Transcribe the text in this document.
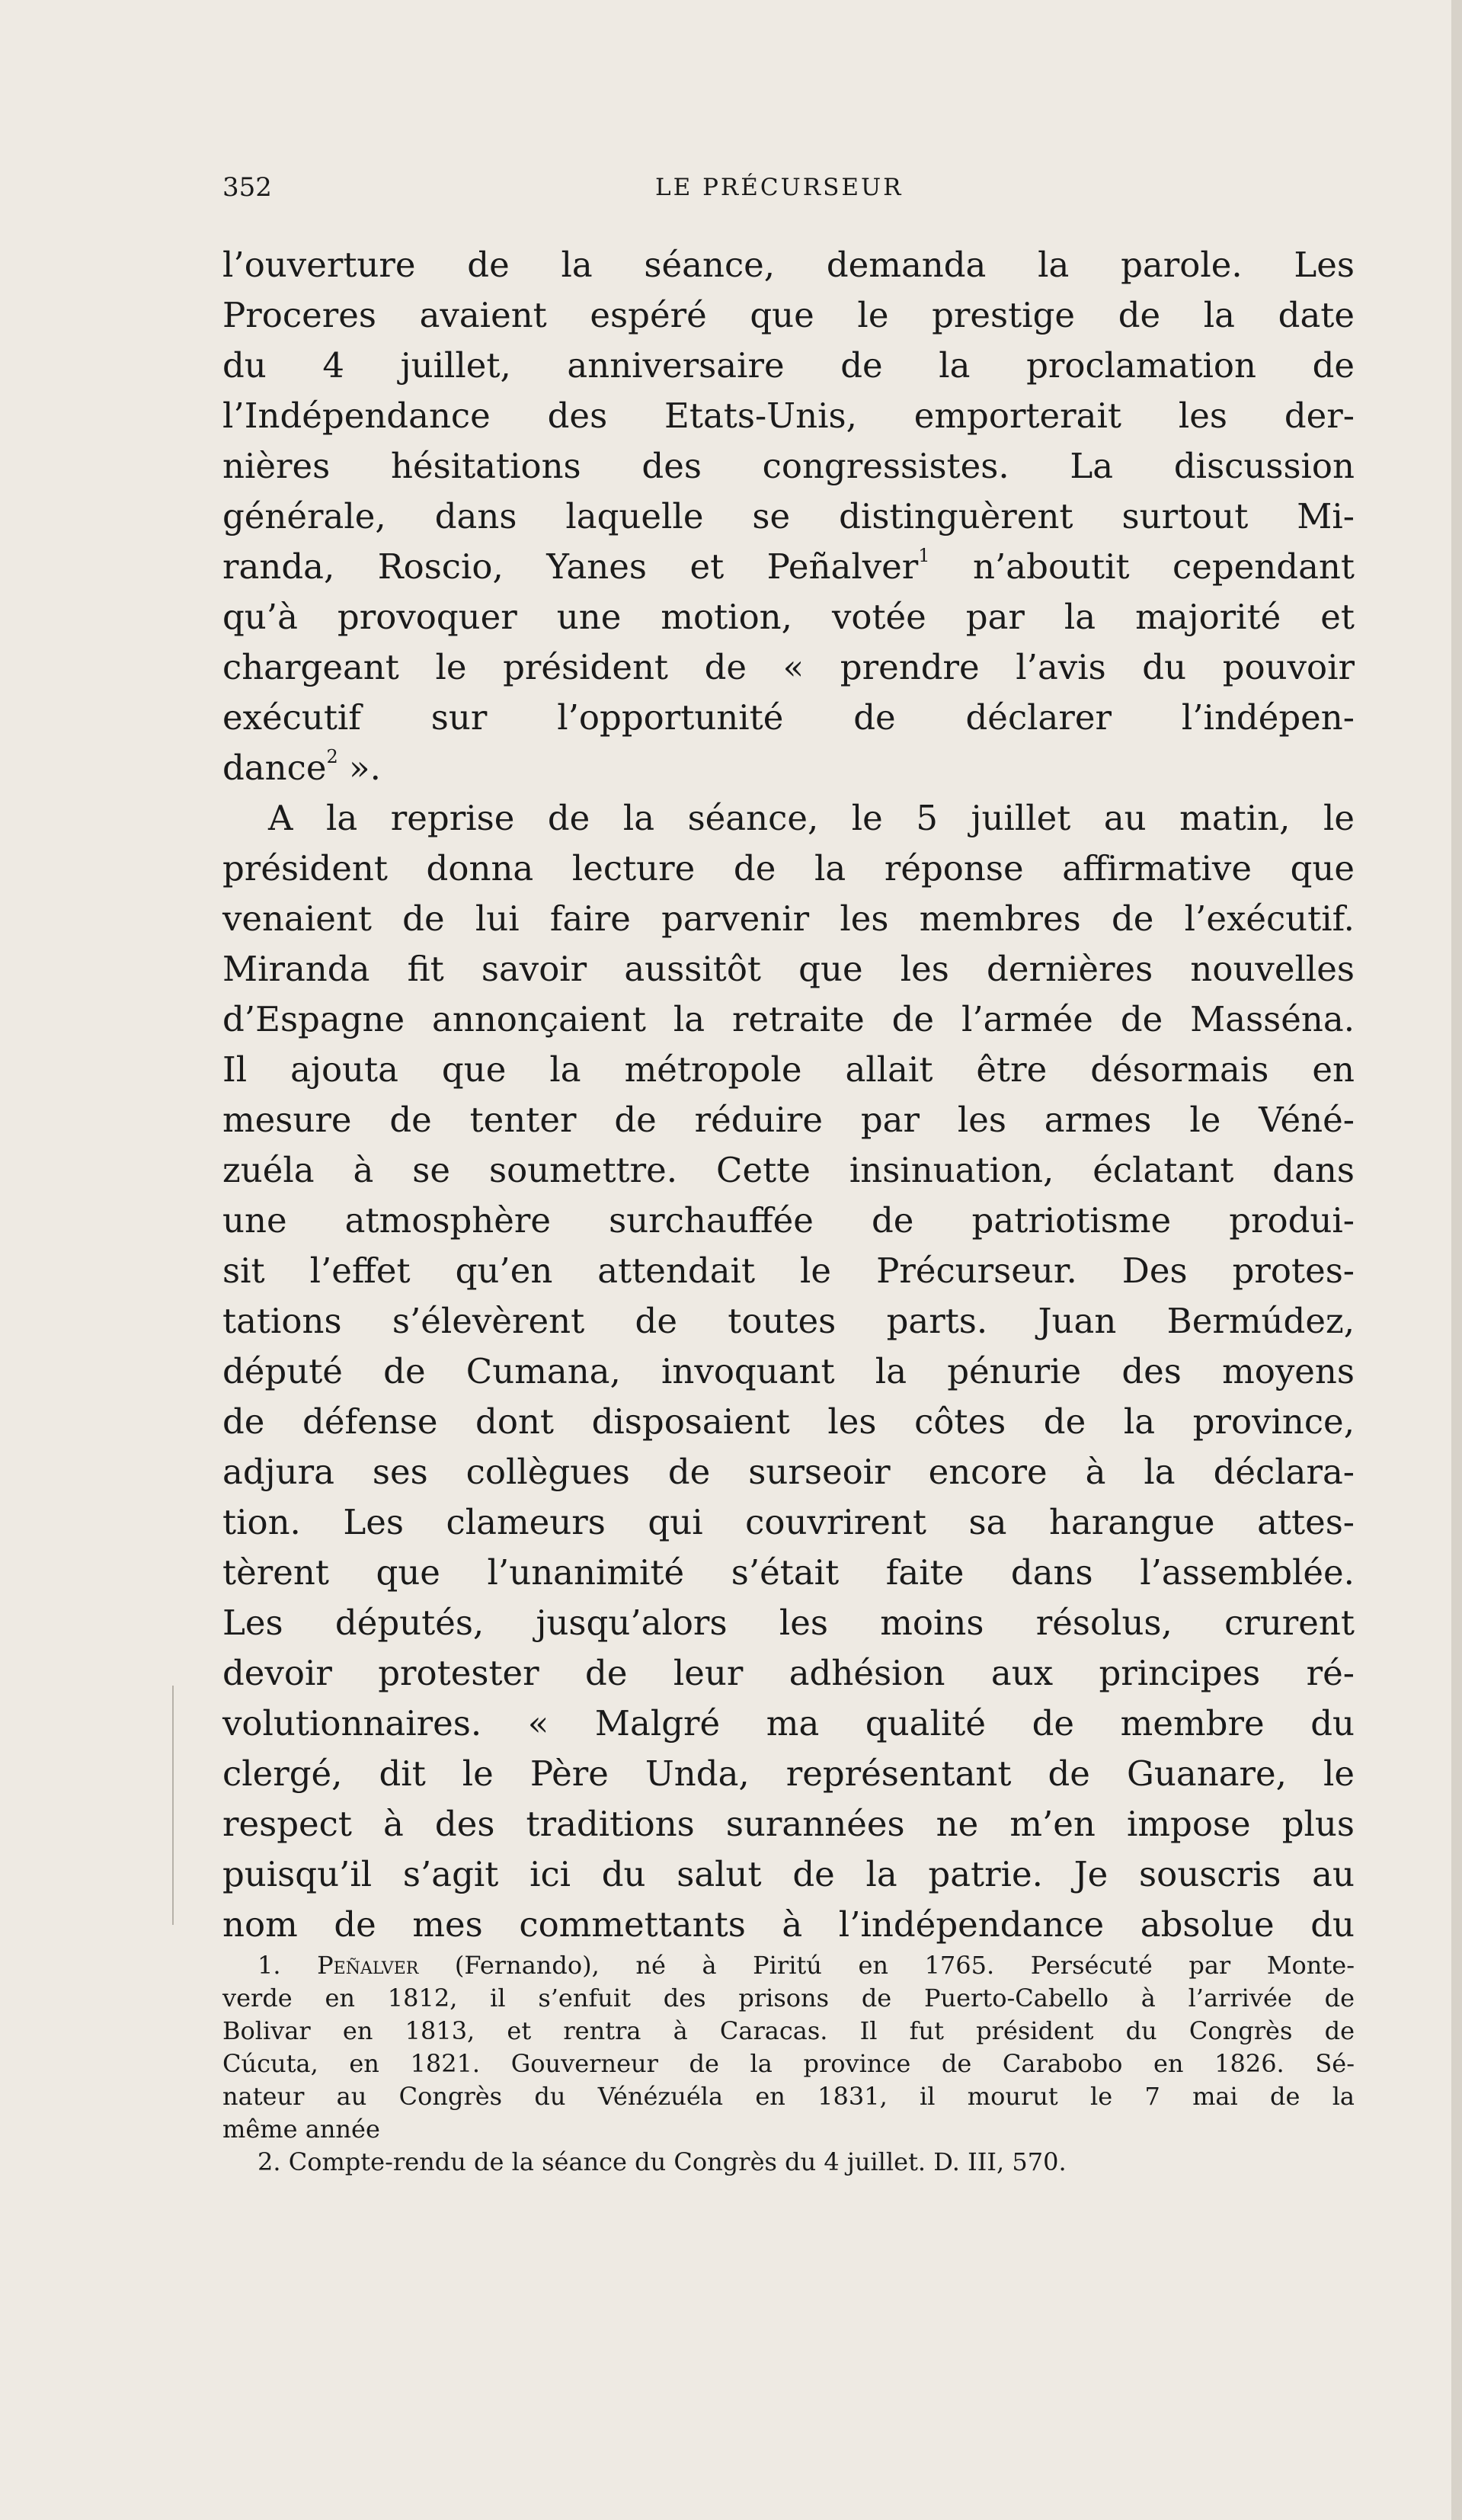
352	LE PRÉCURSEUR
l’ouverture de la séance, demanda la parole. Les
Proceres avaient espéré que le prestige de la date
du 4 juillet, anniversaire de la proclamation de
l’Indépendance des Etats-Unis, emporterait les der-
nières hésitations des congressistes. La discussion
générale, dans laquelle se distinguèrent surtout Mi-
randa, Roscio, Yanes et Peñalver$^1$ n’aboutit cependant
qu’à provoquer une motion, votée par la majorité et
chargeant le président de « prendre l’avis du pouvoir
exécutif sur l’opportunité de déclarer l’indépen-
dance$^2$ ».
A la reprise de la séance, le 5 juillet au matin, le
président donna lecture de la réponse affirmative que
venaient de lui faire parvenir les membres de l’exécutif.
Miranda fit savoir aussitôt que les dernières nouvelles
d’Espagne annonçaient la retraite de l’armée de Masséna.
Il ajouta que la métropole allait être désormais en
mesure de tenter de réduire par les armes le Véné-
zuéla à se soumettre. Cette insinuation, éclatant dans
une atmosphère surchauffée de patriotisme produi-
sit l’effet qu’en attendait le Précurseur. Des protes-
tations s’élevèrent de toutes parts. Juan Bermúdez,
député de Cumana, invoquant la pénurie des moyens
de défense dont disposaient les côtes de la province,
adjura ses collègues de surseoir encore à la déclara-
tion. Les clameurs qui couvrirent sa harangue attes-
tèrent que l’unanimité s’était faite dans l’assemblée.
Les députés, jusqu’alors les moins résolus, crurent
devoir protester de leur adhésion aux principes ré-
volutionnaires. « Malgré ma qualité de membre du
clergé, dit le Père Unda, représentant de Guanare, le
respect à des traditions surannées ne m’en impose plus
puisqu’il s’agit ici du salut de la patrie. Je souscris au
nom de mes commettants à l’indépendance absolue du
1. Peñalver (Fernando), né à Piritú en 1765. Persécuté par Monte-
verde en 1812, il s’enfuit des prisons de Puerto-Cabello à l’arrivée de
Bolivar en 1813, et rentra à Caracas. Il fut président du Congrès de
Cúcuta, en 1821. Gouverneur de la province de Carabobo en 1826. Sé-
nateur au Congrès du Vénézuéla en 1831, il mourut le 7 mai de la
même année
2. Compte-rendu de la séance du Congrès du 4 juillet. D. III, 570.
